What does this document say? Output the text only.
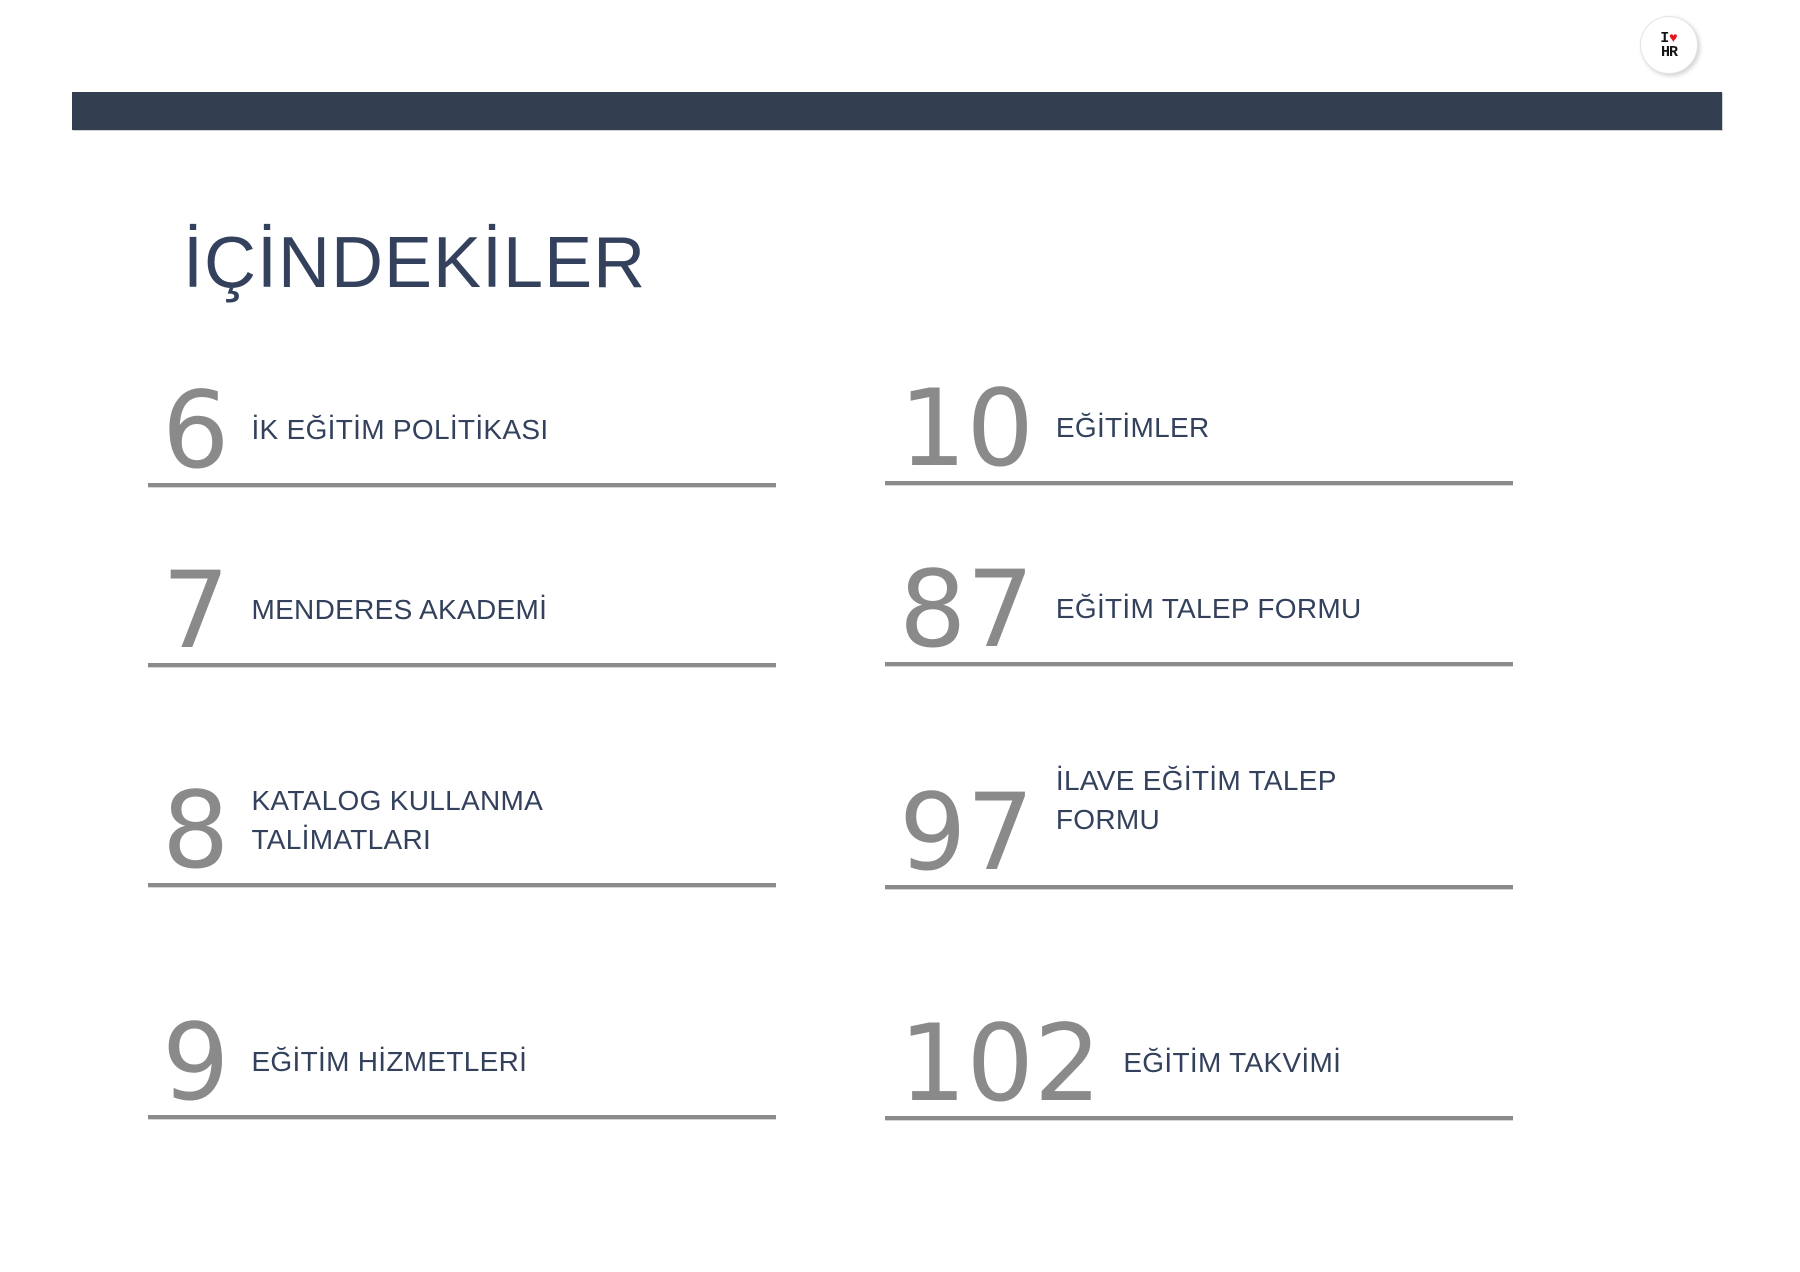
I♥
HR
İÇİNDEKİLER
6 İK EĞİTİM POLİTİKASI
7 MENDERES AKADEMİ
8 KATALOG KULLANMA TALİMATLARI
9 EĞİTİM HİZMETLERİ
10 EĞİTİMLER
87 EĞİTİM TALEP FORMU
97 İLAVE EĞİTİM TALEP FORMU
102 EĞİTİM TAKVİMİ
